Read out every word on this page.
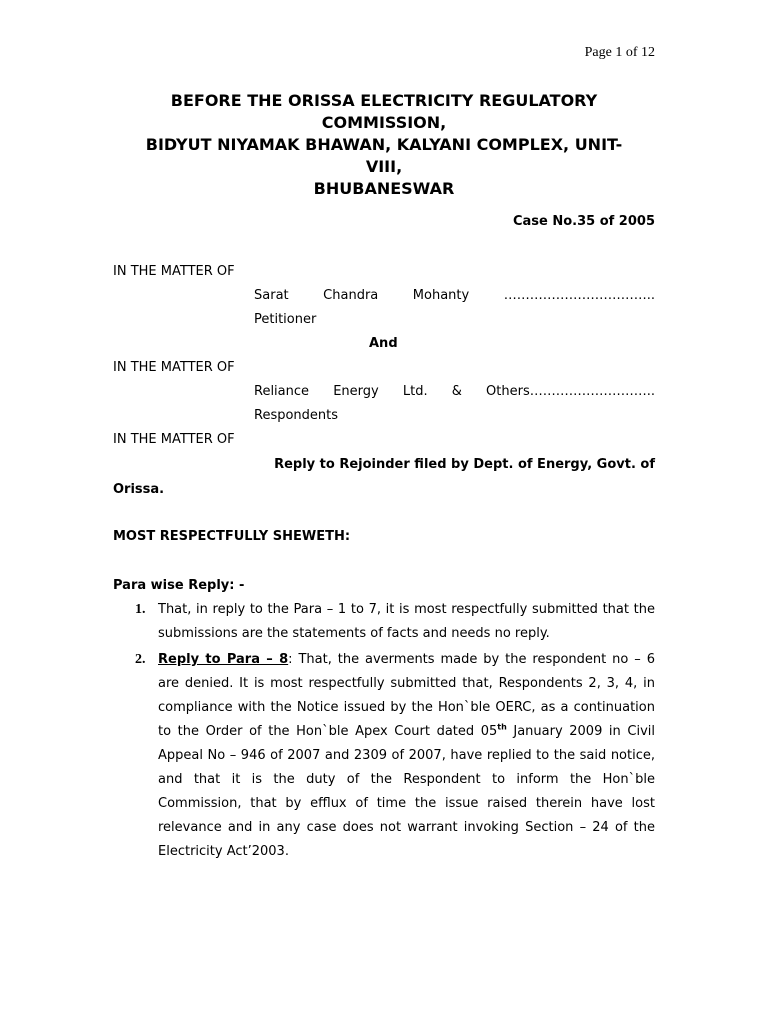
Page 1 of 12
BEFORE THE ORISSA ELECTRICITY REGULATORY
COMMISSION,
BIDYUT NIYAMAK BHAWAN, KALYANI COMPLEX, UNIT-
VIII,
BHUBANESWAR
Case No.35 of 2005
IN THE MATTER OF
Sarat	Chandra	Mohanty	……………………………..
Petitioner
And
IN THE MATTER OF
Reliance Energy Ltd. & Others………………………..
Respondents
IN THE MATTER OF
Reply to Rejoinder filed by Dept. of Energy, Govt. of
Orissa.
MOST RESPECTFULLY SHEWETH:
Para wise Reply: -
1. That, in reply to the Para – 1 to 7, it is most respectfully submitted that the submissions are the statements of facts and needs no reply.
2. Reply to Para – 8: That, the averments made by the respondent no – 6 are denied. It is most respectfully submitted that, Respondents 2, 3, 4, in compliance with the Notice issued by the Hon`ble OERC, as a continuation to the Order of the Hon`ble Apex Court dated 05th January 2009 in Civil Appeal No – 946 of 2007 and 2309 of 2007, have replied to the said notice, and that it is the duty of the Respondent to inform the Hon`ble Commission, that by efflux of time the issue raised therein have lost relevance and in any case does not warrant invoking Section – 24 of the Electricity Act’2003.
